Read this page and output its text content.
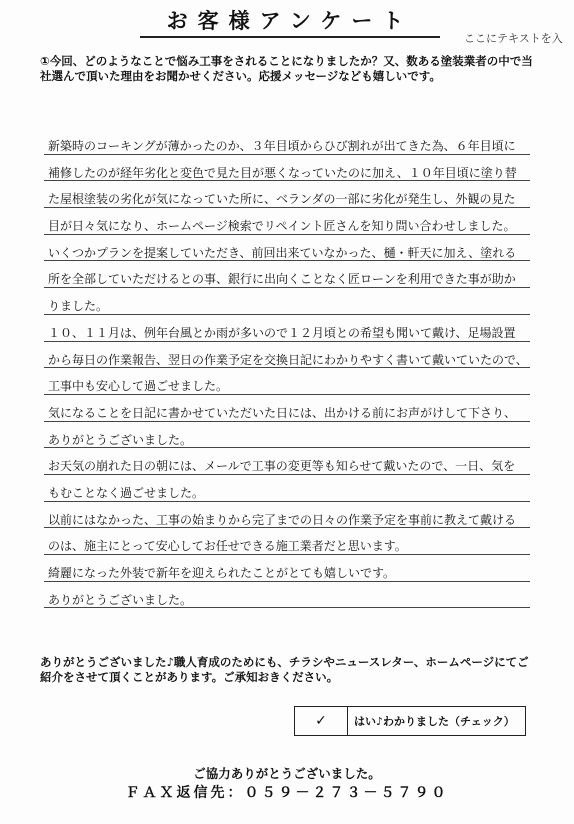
お客様アンケート
ここにテキストを入
①今回、どのようなことで悩み工事をされることになりましたか？又、数ある塗装業者の中で当社選んで頂いた理由をお聞かせください。応援メッセージなども嬉しいです。
新築時のコーキングが薄かったのか、３年目頃からひび割れが出てきた為、６年目頃に
補修したのが経年劣化と変色で見た目が悪くなっていたのに加え、１０年目頃に塗り替
た屋根塗装の劣化が気になっていた所に、ベランダの一部に劣化が発生し、外観の見た
目が日々気になり、ホームページ検索でリペイント匠さんを知り問い合わせしました。
いくつかプランを提案していただき、前回出来ていなかった、樋・軒天に加え、塗れる
所を全部していただけるとの事、銀行に出向くことなく匠ローンを利用できた事が助か
りました。
１０、１１月は、例年台風とか雨が多いので１２月頃との希望も聞いて戴け、足場設置
から毎日の作業報告、翌日の作業予定を交換日記にわかりやすく書いて戴いていたので、
工事中も安心して過ごせました。
気になることを日記に書かせていただいた日には、出かける前にお声がけして下さり、
ありがとうございました。
お天気の崩れた日の朝には、メールで工事の変更等も知らせて戴いたので、一日、気を
もむことなく過ごせました。
以前にはなかった、工事の始まりから完了までの日々の作業予定を事前に教えて戴ける
のは、施主にとって安心してお任せできる施工業者だと思います。
綺麗になった外装で新年を迎えられたことがとても嬉しいです。
ありがとうございました。
ありがとうございました♪職人育成のためにも、チラシやニュースレター、ホームページにてご紹介をさせて頂くことがあります。ご承知おきください。
✓	はい♪わかりました（チェック）
ご協力ありがとうございました。
ＦＡＸ返信先：０５９－２７３－５７９０
